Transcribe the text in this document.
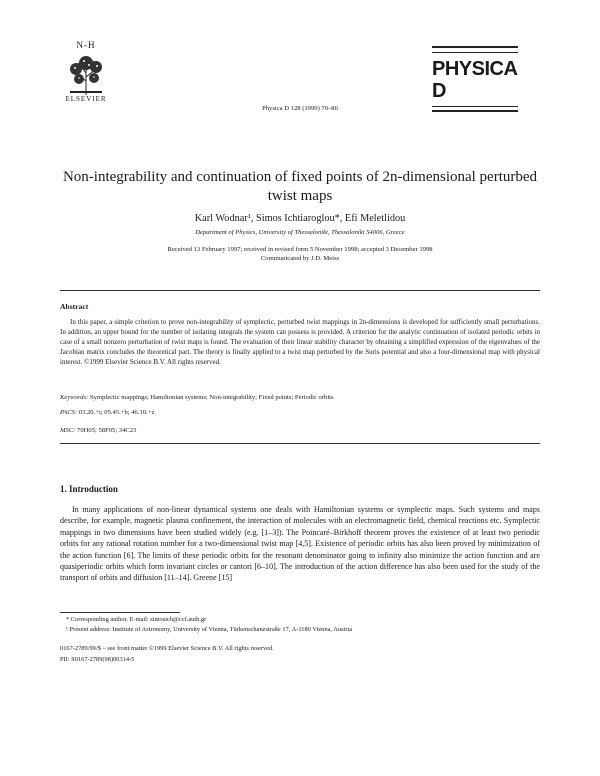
N-H
ELSEVIER
Physica D 128 (1999) 70–86
PHYSICA D
Non-integrability and continuation of fixed points of 2n-dimensional perturbed twist maps
Karl Wodnar¹, Simos Ichtiaroglou*, Efi Meletlidou
Department of Physics, University of Thessaloniki, Thessaloniki 54006, Greece
Received 13 February 1997; received in revised form 5 November 1998; accepted 3 December 1998
Communicated by J.D. Meiss
Abstract
In this paper, a simple criterion to prove non-integrability of symplectic, perturbed twist mappings in 2n-dimensions is developed for sufficiently small perturbations. In addition, an upper bound for the number of isolating integrals the system can possess is provided. A criterion for the analytic continuation of isolated periodic orbits in case of a small nonzero perturbation of twist maps is found. The evaluation of their linear stability character by obtaining a simplified expression of the eigenvalues of the Jacobian matrix concludes the theoretical part. The theory is finally applied to a twist map perturbed by the Suris potential and also a four-dimensional map with physical interest. ©1999 Elsevier Science B.V. All rights reserved.
Keywords: Symplectic mappings; Hamiltonian systems; Non-integrability; Fixed points; Periodic orbits
PACS: 03.20.+i; 05.45.+b; 46.10.+z
MSC: 70H05; 58F05; 34C23
1. Introduction
In many applications of non-linear dynamical systems one deals with Hamiltonian systems or symplectic maps. Such systems and maps describe, for example, magnetic plasma confinement, the interaction of molecules with an electromagnetic field, chemical reactions etc. Symplectic mappings in two dimensions have been studied widely (e.g. [1–3]). The Poincaré–Birkhoff theorem proves the existence of at least two periodic orbits for any rational rotation number for a two-dimensional twist map [4,5]. Existence of periodic orbits has also been proved by minimization of the action function [6]. The limits of these periodic orbits for the resonant denominator going to infinity also minimize the action function and are quasiperiodic orbits which form invariant circles or cantori [6–10]. The introduction of the action difference has also been used for the study of the transport of orbits and diffusion [11–14]. Greene [15]
* Corresponding author. E-mail: simosich@ccf.auth.gr
¹ Present address: Institute of Astronomy, University of Vienna, Türkenschanzstraße 17, A-1180 Vienna, Austria
0167-2789/99/$ – see front matter ©1999 Elsevier Science B.V. All rights reserved.
PII: S0167-2789(98)00314-5
